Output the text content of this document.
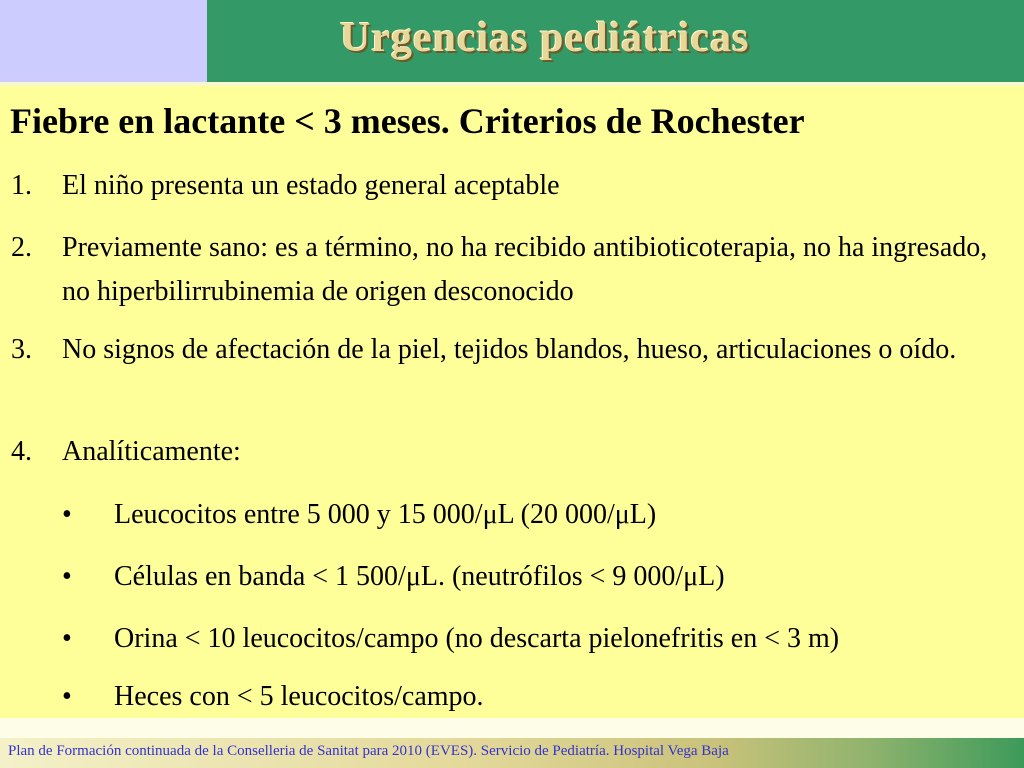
Urgencias pediátricas
Fiebre en lactante < 3 meses. Criterios de Rochester
1. El niño presenta un estado general aceptable
2. Previamente sano: es a término, no ha recibido antibioticoterapia, no ha ingresado, no hiperbilirrubinemia de origen desconocido
3. No signos de afectación de la piel, tejidos blandos, hueso, articulaciones o oído.
4. Analíticamente:
• Leucocitos entre 5 000 y 15 000/μL (20 000/μL)
• Células en banda < 1 500/μL. (neutrófilos < 9 000/μL)
• Orina < 10 leucocitos/campo (no descarta pielonefritis en < 3 m)
• Heces con < 5 leucocitos/campo.
Plan de Formación continuada de la Conselleria de Sanitat para 2010 (EVES). Servicio de Pediatría. Hospital Vega Baja
